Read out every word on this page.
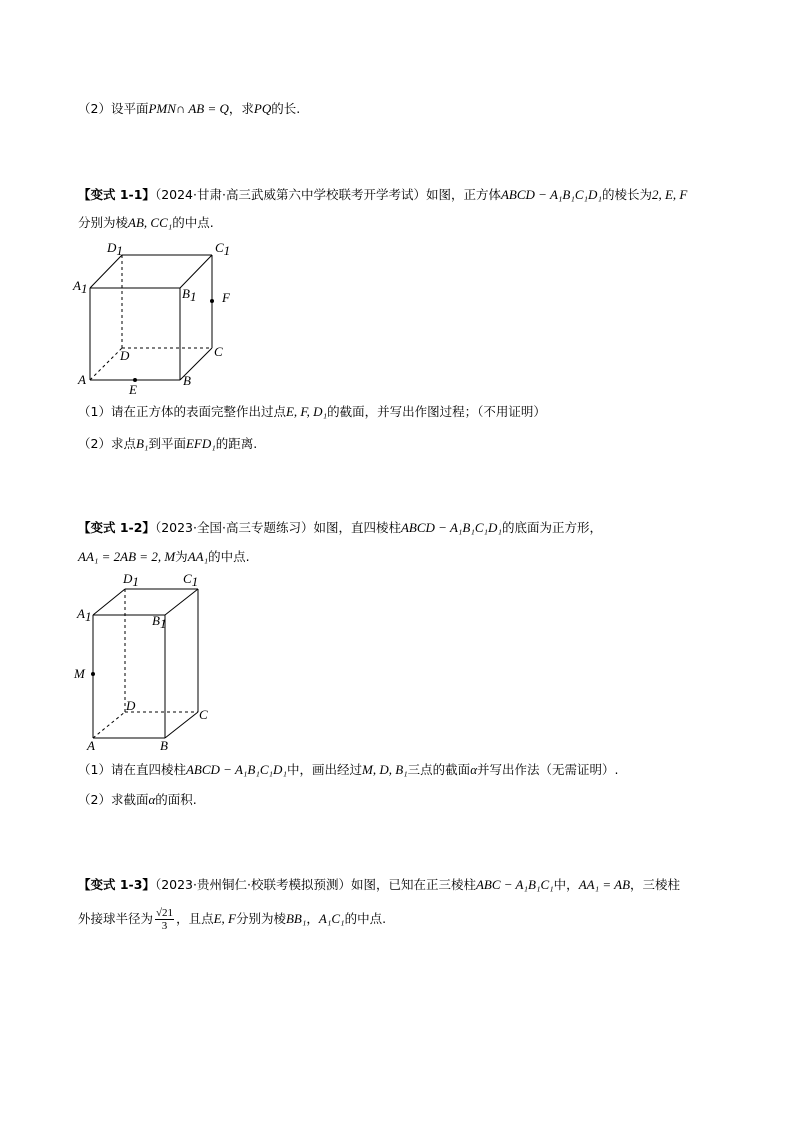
（2）设平面PMN∩ AB = Q，求PQ的长.
【变式 1-1】（2024·甘肃·高三武威第六中学校联考开学考试）如图，正方体ABCD − A₁B₁C₁D₁的棱长为2, E, F
分别为棱AB, CC₁的中点.
D1	C1
A1	B1 F
D	C
A
E
B
（1）请在正方体的表面完整作出过点E, F, D₁的截面，并写出作图过程；（不用证明）
（2）求点B₁到平面EFD₁的距离.
【变式 1-2】（2023·全国·高三专题练习）如图，直四棱柱ABCD − A₁B₁C₁D₁的底面为正方形，
AA₁ = 2AB = 2, M为AA₁的中点.
D1	C1
A1	B1
M
D
C
A	B
（1）请在直四棱柱ABCD − A₁B₁C₁D₁中，画出经过M, D, B₁三点的截面α并写出作法（无需证明）.
（2）求截面α的面积.
【变式 1-3】（2023·贵州铜仁·校联考模拟预测）如图，已知在正三棱柱ABC − A₁B₁C₁中，AA₁ = AB，三棱柱
外接球半径为 $\frac{√21}{3}$ ，且点E, F分别为棱BB₁，A₁C₁的中点.
